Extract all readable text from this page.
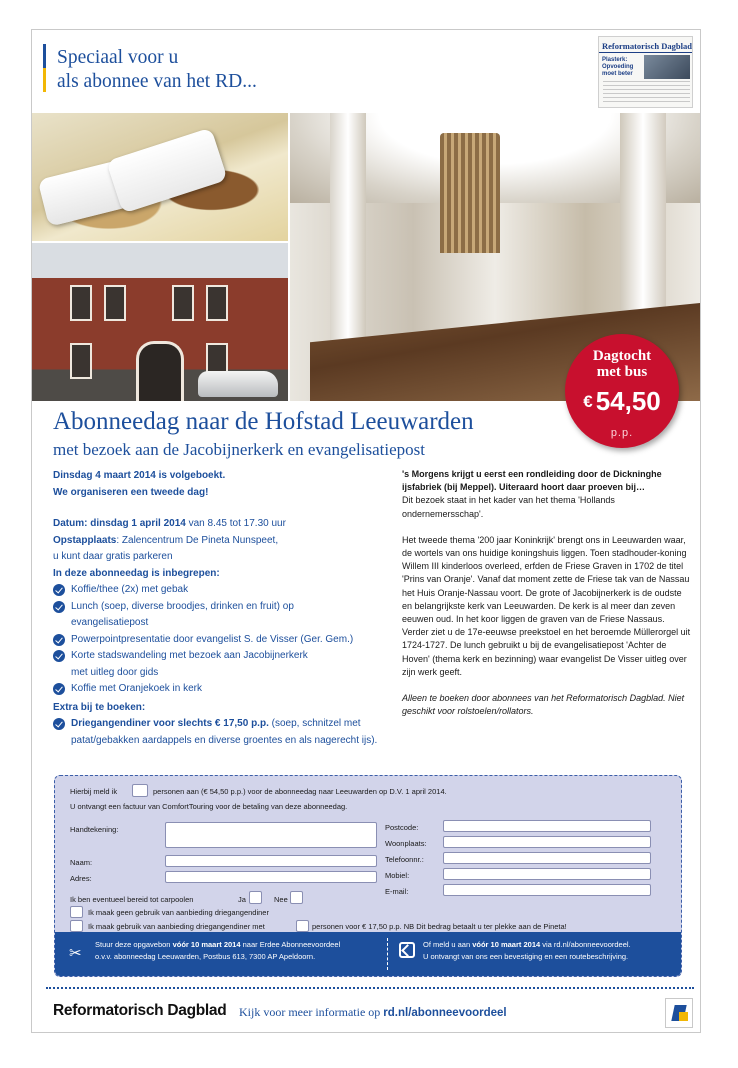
Speciaal voor u
als abonnee van het RD...
Reformatorisch Dagblad
Plasterk: Opvoeding moet beter
Dagtocht
met bus
€ 54,50
p.p.
Abonneedag naar de Hofstad Leeuwarden
met bezoek aan de Jacobijnerkerk en evangelisatiepost
Dinsdag 4 maart 2014 is volgeboekt.
We organiseren een tweede dag!
Datum: dinsdag 1 april 2014 van 8.45 tot 17.30 uur
Opstapplaats: Zalencentrum De Pineta Nunspeet,
u kunt daar gratis parkeren
In deze abonneedag is inbegrepen:
Koffie/thee (2x) met gebak
Lunch (soep, diverse broodjes, drinken en fruit) op
evangelisatiepost
Powerpointpresentatie door evangelist S. de Visser (Ger. Gem.)
Korte stadswandeling met bezoek aan Jacobijnerkerk
met uitleg door gids
Koffie met Oranjekoek in kerk
Extra bij te boeken:
Driegangendiner voor slechts € 17,50 p.p. (soep, schnitzel met
patat/gebakken aardappels en diverse groentes en als nagerecht ijs).

's Morgens krijgt u eerst een rondleiding door de Dickninghe ijsfabriek (bij Meppel). Uiteraard hoort daar proeven bij…
Dit bezoek staat in het kader van het thema 'Hollands ondernemersschap'.

Het tweede thema '200 jaar Koninkrijk' brengt ons in Leeuwarden waar, de wortels van ons huidige koningshuis liggen. Toen stadhouder-koning Willem III kinderloos overleed, erfden de Friese Graven in 1702 de titel 'Prins van Oranje'. Vanaf dat moment zette de Friese tak van de Nassau het Huis Oranje-Nassau voort. De grote of Jacobijnerkerk is de oudste en belangrijkste kerk van Leeuwarden. De kerk is al meer dan zeven eeuwen oud. In het koor liggen de graven van de Friese Nassaus. Verder ziet u de 17e-eeuwse preekstoel en het beroemde Müllerorgel uit 1724-1727. De lunch gebruikt u bij de evangelisatiepost 'Achter de Hoven' (thema kerk en bezinning) waar evangelist De Visser uitleg over zijn werk geeft.

Alleen te boeken door abonnees van het Reformatorisch Dagblad. Niet geschikt voor rolstoelen/rollators.

Hierbij meld ik	personen aan (€ 54,50 p.p.) voor de abonneedag naar Leeuwarden op D.V. 1 april 2014.
U ontvangt een factuur van ComfortTouring voor de betaling van deze abonneedag.
Handtekening:
Naam:
Adres:
Postcode:
Woonplaats:
Telefoonnr.:
Mobiel:
E-mail:
Ik ben eventueel bereid tot carpoolen	Ja	Nee
Ik maak geen gebruik van aanbieding driegangendiner
Ik maak gebruik van aanbieding driegangendiner met	personen voor € 17,50 p.p. NB Dit bedrag betaalt u ter plekke aan de Pineta!
✂
Stuur deze opgavebon vóór 10 maart 2014 naar Erdee Abonneevoordeel
o.v.v. abonneedag Leeuwarden, Postbus 613, 7300 AP Apeldoorn.
Of meld u aan vóór 10 maart 2014 via rd.nl/abonneevoordeel.
U ontvangt van ons een bevestiging en een routebeschrijving.
Reformatorisch Dagblad Kijk voor meer informatie op rd.nl/abonneevoordeel
